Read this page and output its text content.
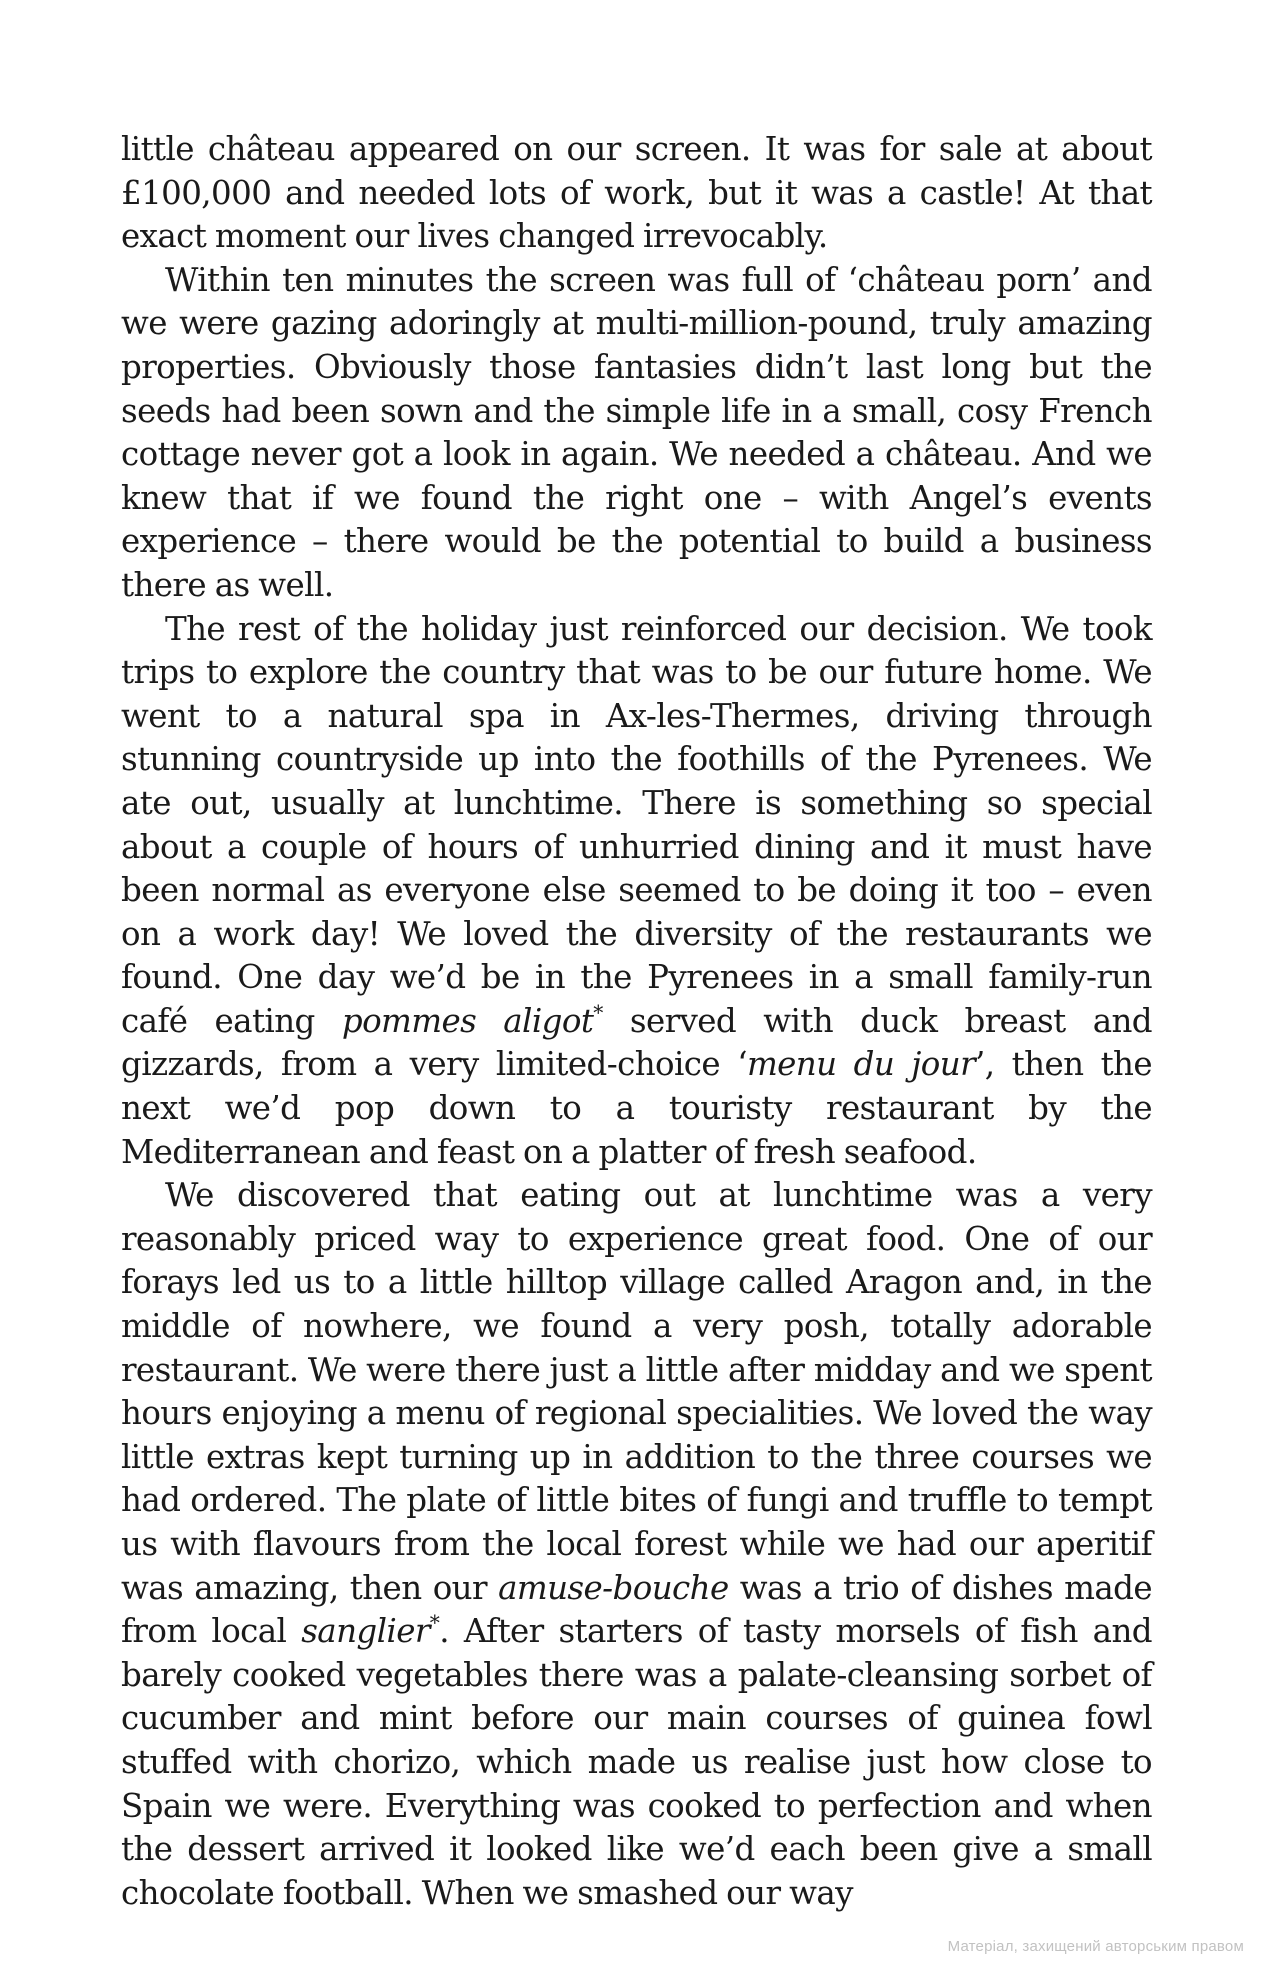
little château appeared on our screen. It was for sale at about £100,000 and needed lots of work, but it was a castle! At that exact moment our lives changed irrevocably.

Within ten minutes the screen was full of ‘château porn’ and we were gazing adoringly at multi-million-pound, truly amazing properties. Obviously those fantasies didn’t last long but the seeds had been sown and the simple life in a small, cosy French cottage never got a look in again. We needed a château. And we knew that if we found the right one – with Angel’s events experience – there would be the potential to build a business there as well.

The rest of the holiday just reinforced our decision. We took trips to explore the country that was to be our future home. We went to a natural spa in Ax-les-Thermes, driving through stunning countryside up into the foothills of the Pyrenees. We ate out, usually at lunchtime. There is something so special about a couple of hours of unhurried dining and it must have been normal as everyone else seemed to be doing it too – even on a work day! We loved the diversity of the restaurants we found. One day we’d be in the Pyrenees in a small family-run café eating pommes aligot* served with duck breast and gizzards, from a very limited-choice ‘menu du jour’, then the next we’d pop down to a touristy restaurant by the Mediterranean and feast on a platter of fresh seafood.

We discovered that eating out at lunchtime was a very reasonably priced way to experience great food. One of our forays led us to a little hilltop village called Aragon and, in the middle of nowhere, we found a very posh, totally adorable restaurant. We were there just a little after midday and we spent hours enjoying a menu of regional specialities. We loved the way little extras kept turning up in addition to the three courses we had ordered. The plate of little bites of fungi and truffle to tempt us with flavours from the local forest while we had our aperitif was amazing, then our amuse-bouche was a trio of dishes made from local sanglier*. After starters of tasty morsels of fish and barely cooked vegetables there was a palate-cleansing sorbet of cucumber and mint before our main courses of guinea fowl stuffed with chorizo, which made us realise just how close to Spain we were. Everything was cooked to perfection and when the dessert arrived it looked like we’d each been give a small chocolate football. When we smashed our way

Матеріал, захищений авторським правом
